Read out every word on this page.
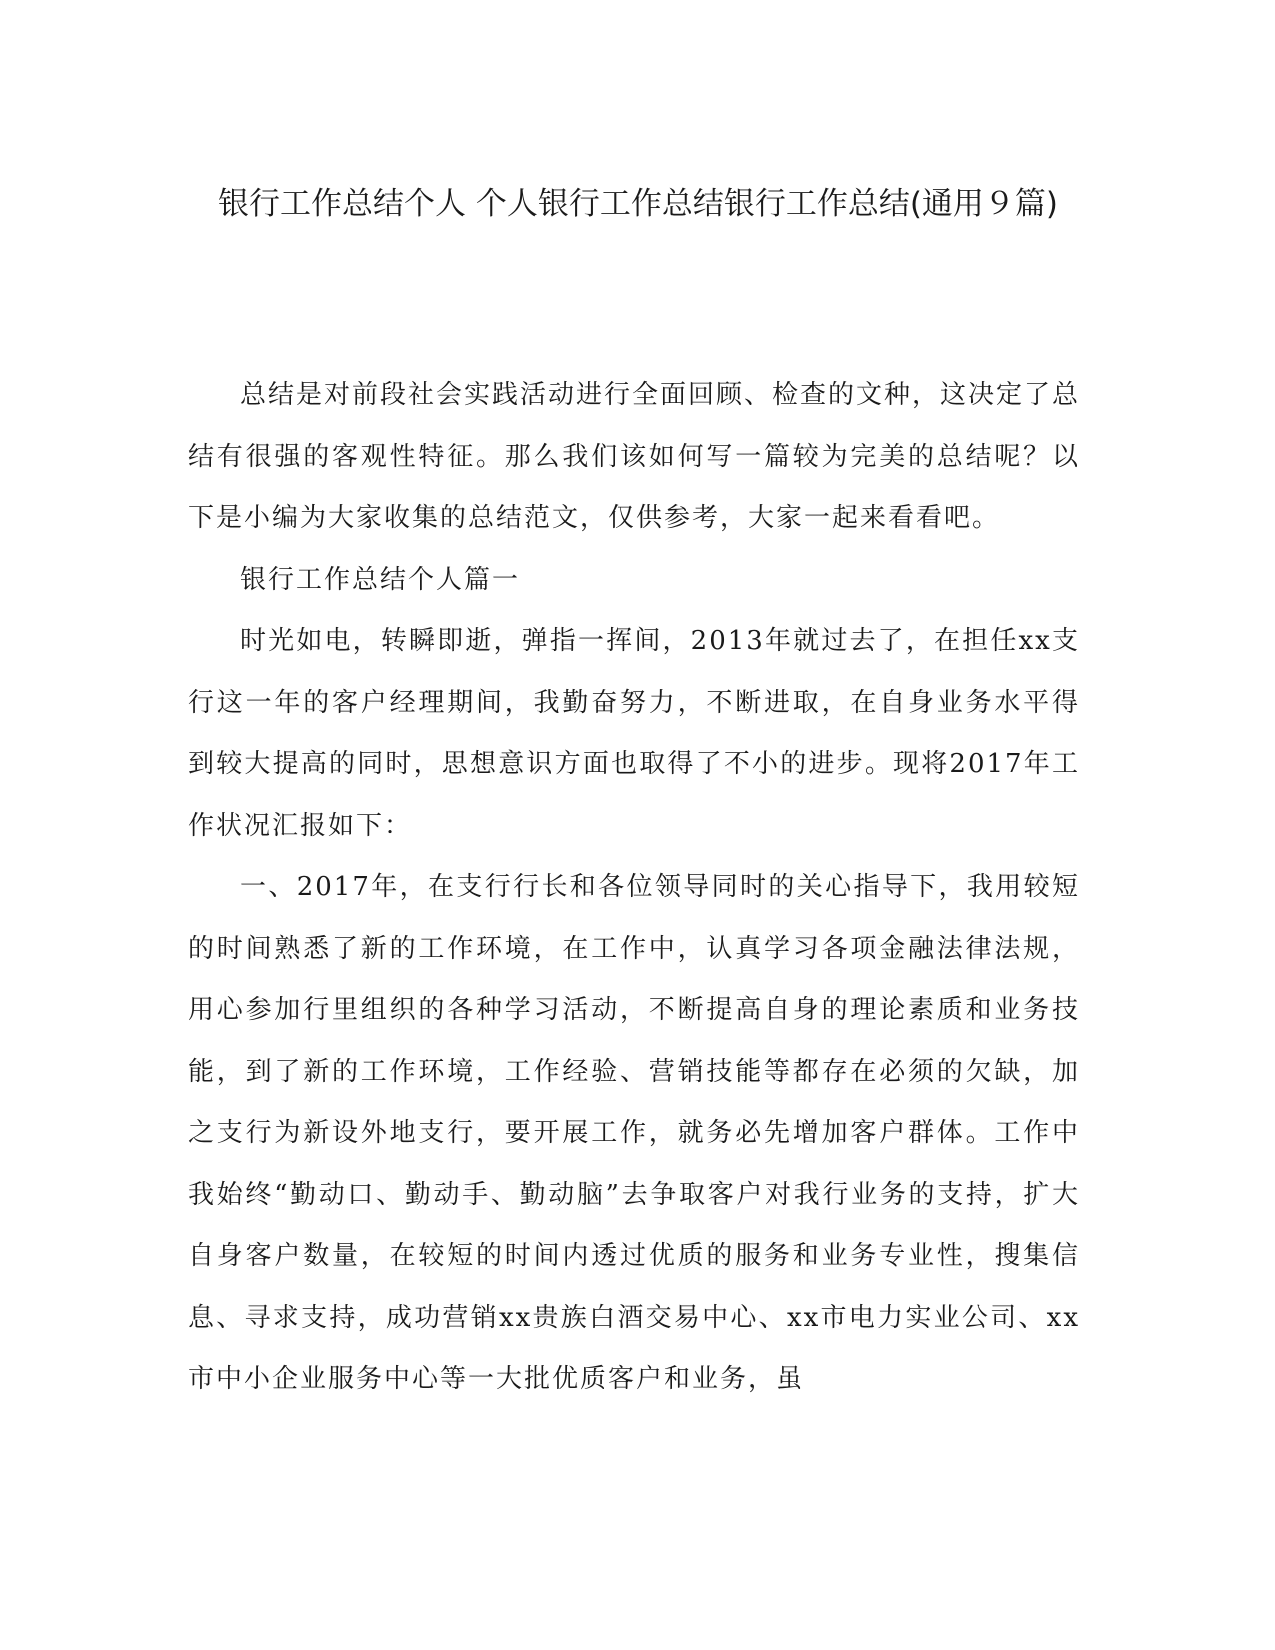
银行工作总结个人 个人银行工作总结银行工作总结(通用９篇)

总结是对前段社会实践活动进行全面回顾、检查的文种，这决定了总结有很强的客观性特征。那么我们该如何写一篇较为完美的总结呢？以下是小编为大家收集的总结范文，仅供参考，大家一起来看看吧。

银行工作总结个人篇一

时光如电，转瞬即逝，弹指一挥间，2013年就过去了，在担任xx支行这一年的客户经理期间，我勤奋努力，不断进取，在自身业务水平得到较大提高的同时，思想意识方面也取得了不小的进步。现将2017年工作状况汇报如下：

一、2017年，在支行行长和各位领导同时的关心指导下，我用较短的时间熟悉了新的工作环境，在工作中，认真学习各项金融法律法规，用心参加行里组织的各种学习活动，不断提高自身的理论素质和业务技能，到了新的工作环境，工作经验、营销技能等都存在必须的欠缺，加之支行为新设外地支行，要开展工作，就务必先增加客户群体。工作中我始终“勤动口、勤动手、勤动脑”去争取客户对我行业务的支持，扩大自身客户数量，在较短的时间内透过优质的服务和业务专业性，搜集信息、寻求支持，成功营销xx贵族白酒交易中心、xx市电力实业公司、xx市中小企业服务中心等一大批优质客户和业务，虽
